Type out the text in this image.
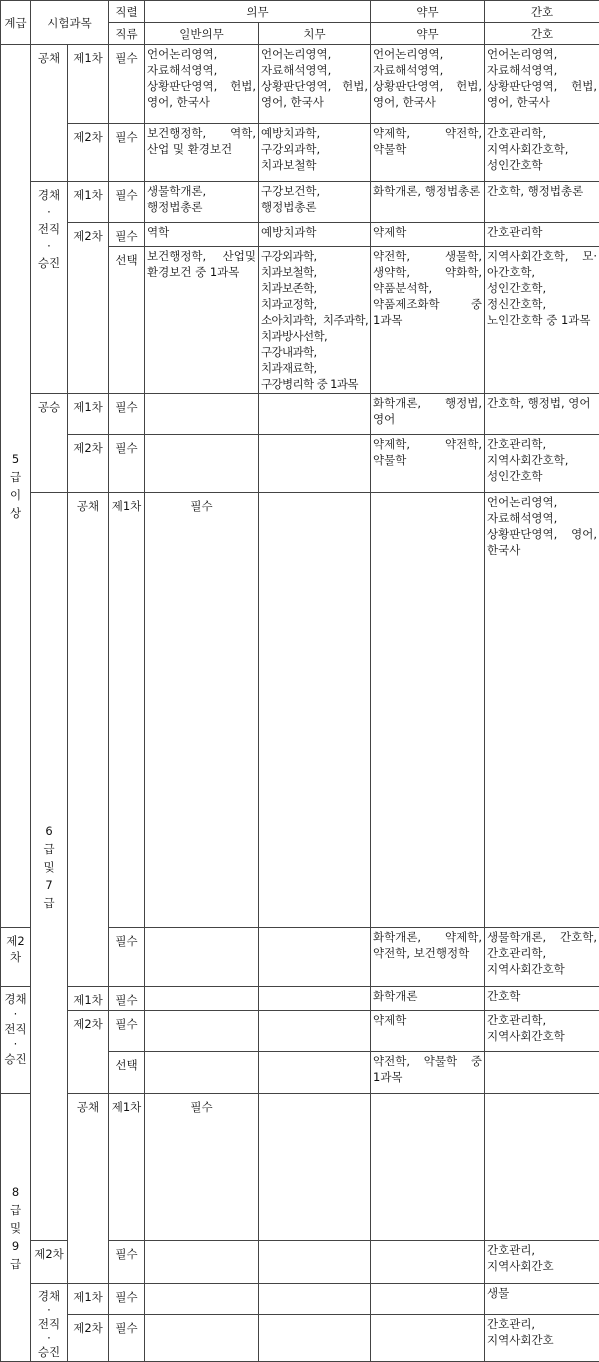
계급	시험과목		직렬	의무		약무	간호	
			직류	일반의무	치무	약무	간호	
5
급
이
상	공채	제1차	필수	언어논리영역, 자료해석영역, 상황판단영역, 헌법, 영어, 한국사	언어논리영역, 자료해석영역, 상황판단영역, 헌법, 영어, 한국사	언어논리영역, 자료해석영역, 상황판단영역, 헌법, 영어, 한국사	언어논리영역, 자료해석영역, 상황판단영역, 헌법, 영어, 한국사	
		제2차	필수	보건행정학, 역학, 산업 및 환경보건	예방치과학, 구강외과학, 치과보철학	약제학, 약전학, 약물학	간호관리학, 지역사회간호학, 성인간호학	
	경채
·
전직
·
승진	제1차	필수	생물학개론, 행정법총론	구강보건학, 행정법총론	화학개론, 행정법총론	간호학, 행정법총론	
		제2차	필수	역학	예방치과학	약제학	간호관리학	
			선택	보건행정학, 산업및 환경보건 중 1과목	구강외과학, 치과보철학, 치과보존학, 치과교정학, 소아치과학, 치주과학, 치과방사선학, 구강내과학, 치과재료학, 구강병리학 중 1과목	약전학, 생물학, 생약학, 약화학, 약품분석학, 약품제조화학 중 1과목	지역사회간호학, 모·아간호학, 성인간호학, 정신간호학, 노인간호학 중 1과목	
	공승	제1차	필수			화학개론, 행정법, 영어	간호학, 행정법, 영어	
		제2차	필수			약제학, 약전학, 약물학	간호관리학, 지역사회간호학, 성인간호학	
	6
급
및
7
급	공채	제1차	필수			언어논리영역, 자료해석영역, 상황판단영역, 영어, 한국사	
제2차			필수			화학개론, 약제학, 약전학, 보건행정학	생물학개론, 간호학, 간호관리학, 지역사회간호학	
경채
·
전직
·
승진		제1차	필수			화학개론	간호학	
		제2차	필수			약제학	간호관리학, 지역사회간호학	
			선택			약전학, 약물학 중 1과목		
8
급
및
9
급		공채	제1차	필수				
	제2차		필수				간호관리, 지역사회간호	
	경채
·
전직
·
승진	제1차	필수				생물	
		제2차	필수				간호관리, 지역사회간호	
